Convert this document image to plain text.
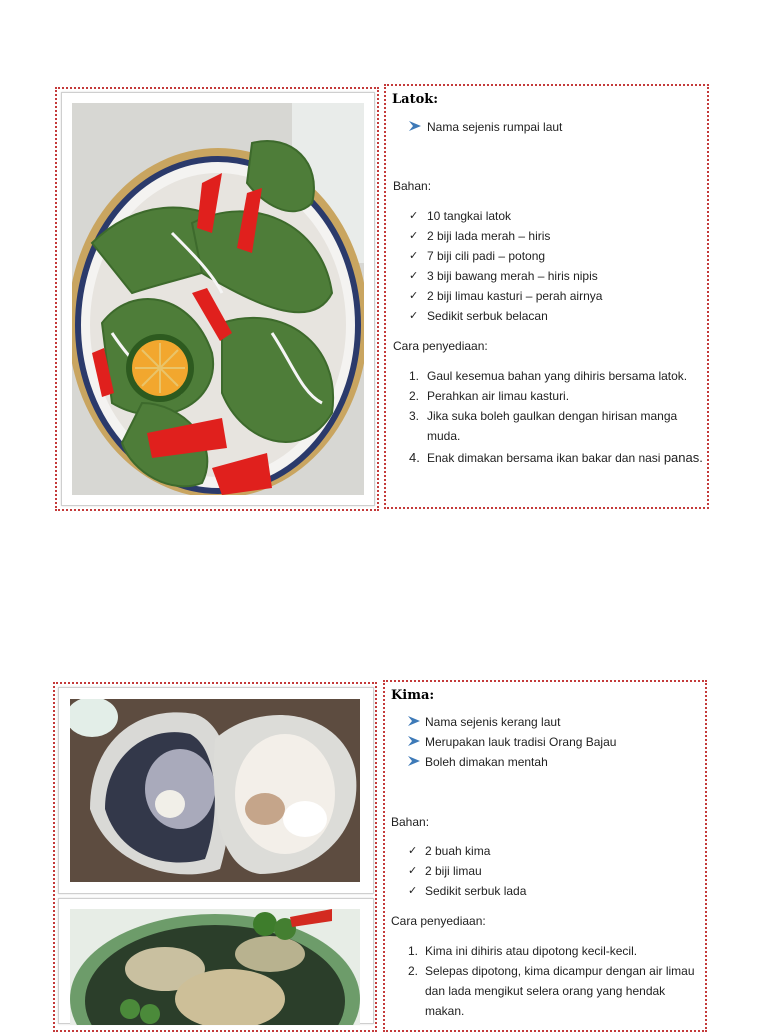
Latok:
Nama sejenis rumpai laut
Bahan:
✓ 10 tangkai latok
✓ 2 biji lada merah – hiris
✓ 7 biji cili padi – potong
✓ 3 biji bawang merah – hiris nipis
✓ 2 biji limau kasturi – perah airnya
✓ Sedikit serbuk belacan
Cara penyediaan:
1. Gaul kesemua bahan yang dihiris bersama latok.
2. Perahkan air limau kasturi.
3. Jika suka boleh gaulkan dengan hirisan manga
muda.
4. Enak dimakan bersama ikan bakar dan nasi panas.
Kima:
Nama sejenis kerang laut
Merupakan lauk tradisi Orang Bajau
Boleh dimakan mentah
Bahan:
✓ 2 buah kima
✓ 2 biji limau
✓ Sedikit serbuk lada
Cara penyediaan:
1. Kima ini dihiris atau dipotong kecil-kecil.
2. Selepas dipotong, kima dicampur dengan air limau
dan lada mengikut selera orang yang hendak
makan.
